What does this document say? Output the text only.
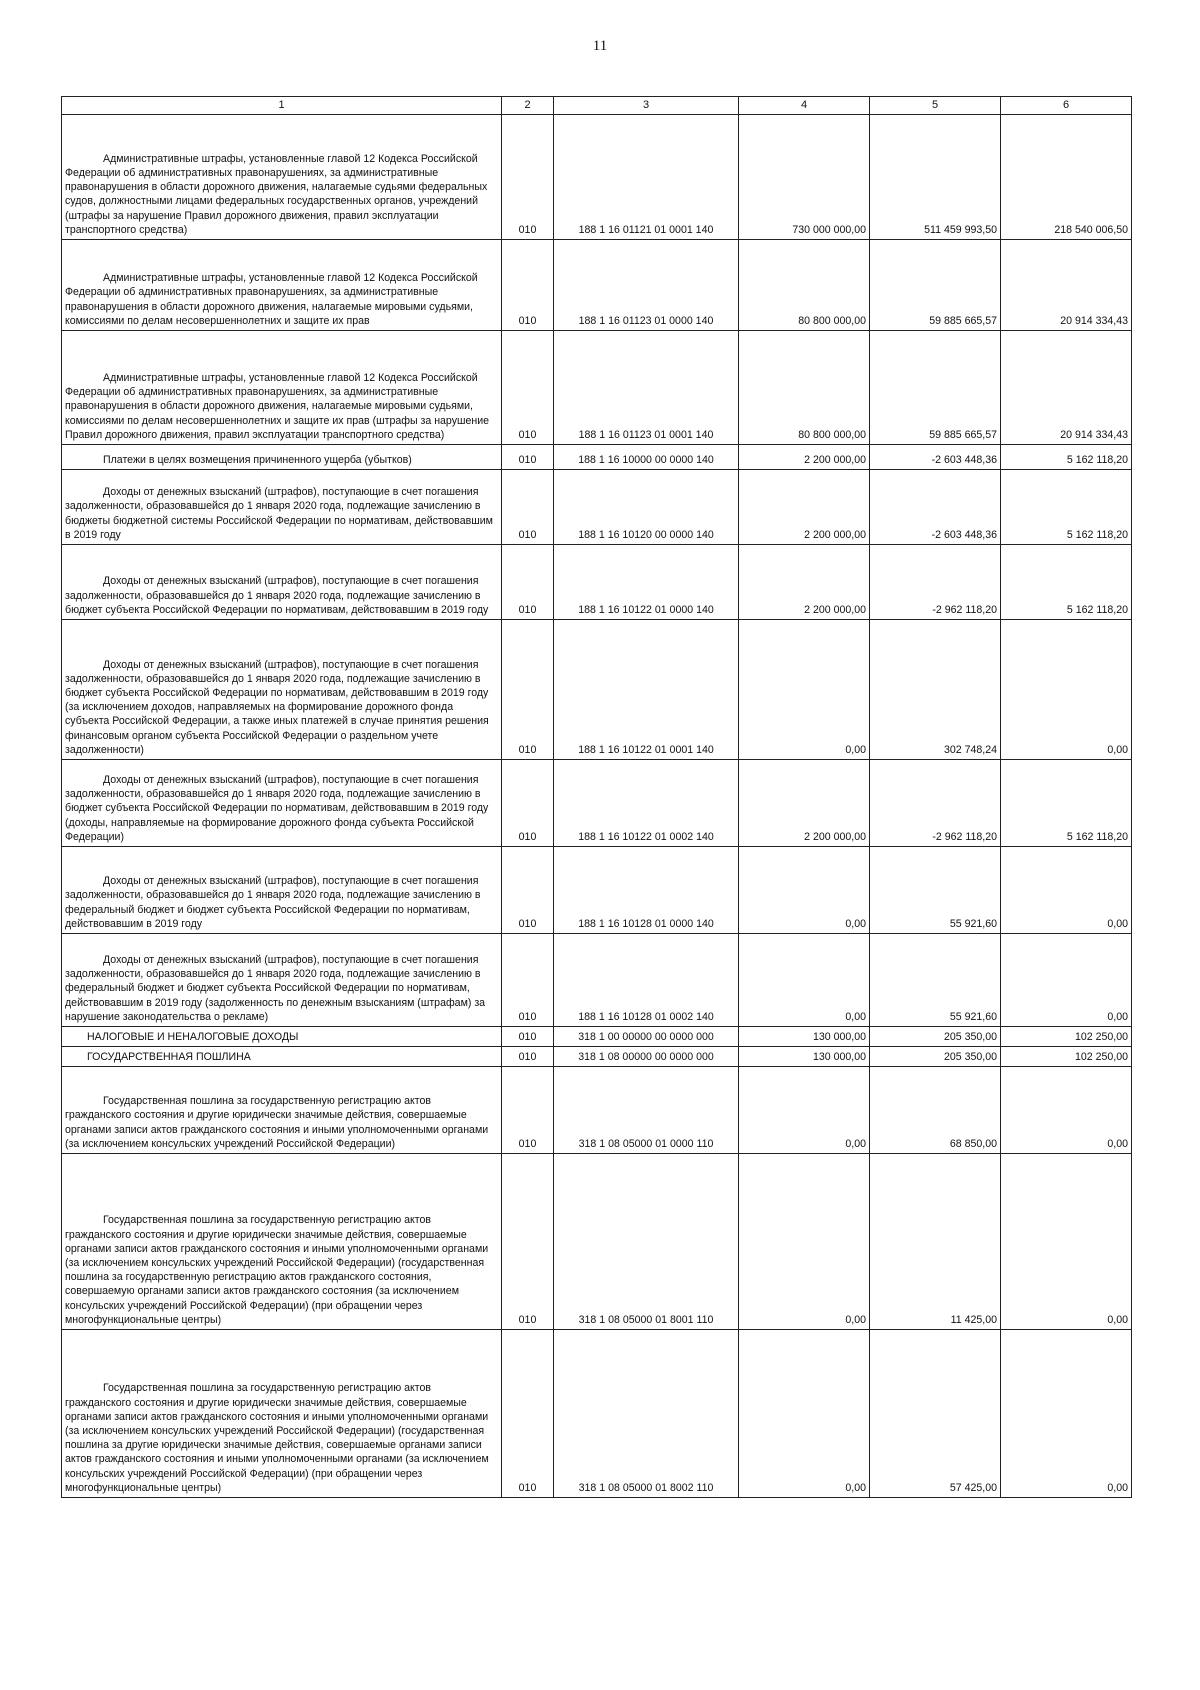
11
1	2	3	4	5	6

Административные штрафы, установленные главой 12 Кодекса Российской Федерации об административных правонарушениях, за административные правонарушения в области дорожного движения, налагаемые судьями федеральных судов, должностными лицами федеральных государственных органов, учреждений (штрафы за нарушение Правил дорожного движения, правил эксплуатации транспортного средства)	010	188 1 16 01121 01 0001 140	730 000 000,00	511 459 993,50	218 540 006,50

Административные штрафы, установленные главой 12 Кодекса Российской Федерации об административных правонарушениях, за административные правонарушения в области дорожного движения, налагаемые мировыми судьями, комиссиями по делам несовершеннолетних и защите их прав	010	188 1 16 01123 01 0000 140	80 800 000,00	59 885 665,57	20 914 334,43

Административные штрафы, установленные главой 12 Кодекса Российской Федерации об административных правонарушениях, за административные правонарушения в области дорожного движения, налагаемые мировыми судьями, комиссиями по делам несовершеннолетних и защите их прав (штрафы за нарушение Правил дорожного движения, правил эксплуатации транспортного средства)	010	188 1 16 01123 01 0001 140	80 800 000,00	59 885 665,57	20 914 334,43

Платежи в целях возмещения причиненного ущерба (убытков)	010	188 1 16 10000 00 0000 140	2 200 000,00	-2 603 448,36	5 162 118,20

Доходы от денежных взысканий (штрафов), поступающие в счет погашения задолженности, образовавшейся до 1 января 2020 года, подлежащие зачислению в бюджеты бюджетной системы Российской Федерации по нормативам, действовавшим в 2019 году	010	188 1 16 10120 00 0000 140	2 200 000,00	-2 603 448,36	5 162 118,20

Доходы от денежных взысканий (штрафов), поступающие в счет погашения задолженности, образовавшейся до 1 января 2020 года, подлежащие зачислению в бюджет субъекта Российской Федерации по нормативам, действовавшим в 2019 году	010	188 1 16 10122 01 0000 140	2 200 000,00	-2 962 118,20	5 162 118,20

Доходы от денежных взысканий (штрафов), поступающие в счет погашения задолженности, образовавшейся до 1 января 2020 года, подлежащие зачислению в бюджет субъекта Российской Федерации по нормативам, действовавшим в 2019 году (за исключением доходов, направляемых на формирование дорожного фонда субъекта Российской Федерации, а также иных платежей в случае принятия решения финансовым органом субъекта Российской Федерации о раздельном учете задолженности)	010	188 1 16 10122 01 0001 140	0,00	302 748,24	0,00

Доходы от денежных взысканий (штрафов), поступающие в счет погашения задолженности, образовавшейся до 1 января 2020 года, подлежащие зачислению в бюджет субъекта Российской Федерации по нормативам, действовавшим в 2019 году (доходы, направляемые на формирование дорожного фонда субъекта Российской Федерации)	010	188 1 16 10122 01 0002 140	2 200 000,00	-2 962 118,20	5 162 118,20

Доходы от денежных взысканий (штрафов), поступающие в счет погашения задолженности, образовавшейся до 1 января 2020 года, подлежащие зачислению в федеральный бюджет и бюджет субъекта Российской Федерации по нормативам, действовавшим в 2019 году	010	188 1 16 10128 01 0000 140	0,00	55 921,60	0,00

Доходы от денежных взысканий (штрафов), поступающие в счет погашения задолженности, образовавшейся до 1 января 2020 года, подлежащие зачислению в федеральный бюджет и бюджет субъекта Российской Федерации по нормативам, действовавшим в 2019 году (задолженность по денежным взысканиям (штрафам) за нарушение законодательства о рекламе)	010	188 1 16 10128 01 0002 140	0,00	55 921,60	0,00

НАЛОГОВЫЕ И НЕНАЛОГОВЫЕ ДОХОДЫ	010	318 1 00 00000 00 0000 000	130 000,00	205 350,00	102 250,00

ГОСУДАРСТВЕННАЯ ПОШЛИНА	010	318 1 08 00000 00 0000 000	130 000,00	205 350,00	102 250,00

Государственная пошлина за государственную регистрацию актов гражданского состояния и другие юридически значимые действия, совершаемые органами записи актов гражданского состояния и иными уполномоченными органами (за исключением консульских учреждений Российской Федерации)	010	318 1 08 05000 01 0000 110	0,00	68 850,00	0,00

Государственная пошлина за государственную регистрацию актов гражданского состояния и другие юридически значимые действия, совершаемые органами записи актов гражданского состояния и иными уполномоченными органами (за исключением консульских учреждений Российской Федерации) (государственная пошлина за государственную регистрацию актов гражданского состояния, совершаемую органами записи актов гражданского состояния (за исключением консульских учреждений Российской Федерации) (при обращении через многофункциональные центры)	010	318 1 08 05000 01 8001 110	0,00	11 425,00	0,00

Государственная пошлина за государственную регистрацию актов гражданского состояния и другие юридически значимые действия, совершаемые органами записи актов гражданского состояния и иными уполномоченными органами (за исключением консульских учреждений Российской Федерации) (государственная пошлина за другие юридически значимые действия, совершаемые органами записи актов гражданского состояния и иными уполномоченными органами (за исключением консульских учреждений Российской Федерации) (при обращении через многофункциональные центры)	010	318 1 08 05000 01 8002 110	0,00	57 425,00	0,00
